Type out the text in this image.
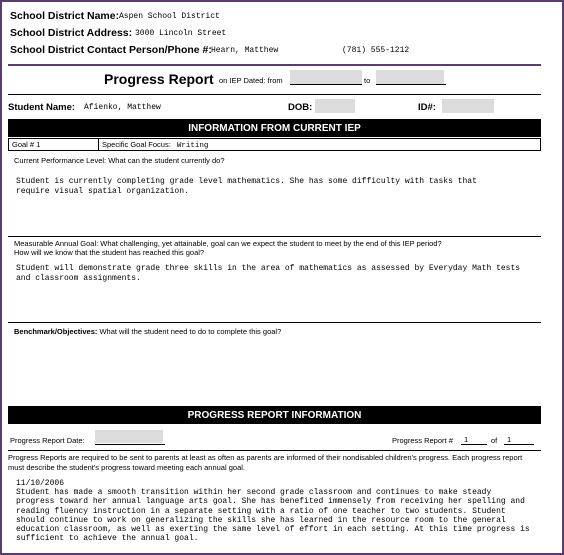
School District Name: Aspen School District
School District Address: 3000 Lincoln Street
School District Contact Person/Phone #: Hearn, Matthew	(781) 555-1212
Progress Report on IEP Dated: from	to
Student Name: Afienko, Matthew	DOB:	ID#:
INFORMATION FROM CURRENT IEP
Goal # 1	Specific Goal Focus: Writing
Current Performance Level: What can the student currently do?
Student is currently completing grade level mathematics. She has some difficulty with tasks that require visual spatial organization.
Measurable Annual Goal: What challenging, yet attainable, goal can we expect the student to meet by the end of this IEP period?
How will we know that the student has reached this goal?
Student will demonstrate grade three skills in the area of mathematics as assessed by Everyday Math tests and classroom assignments.
Benchmark/Objectives: What will the student need to do to complete this goal?
PROGRESS REPORT INFORMATION
Progress Report Date:	Progress Report # 1	of 1
Progress Reports are required to be sent to parents at least as often as parents are informed of their nondisabled children's progress. Each progress report must describe the student's progress toward meeting each annual goal.
11/10/2006
Student has made a smooth transition within her second grade classroom and continues to make steady progress toward her annual language arts goal. She has benefited immensely from receiving her spelling and reading fluency instruction in a separate setting with a ratio of one teacher to two students. Student should continue to work on generalizing the skills she has learned in the resource room to the general education classroom, as well as exerting the same level of effort in each setting. At this time progress is sufficient to achieve the annual goal.
